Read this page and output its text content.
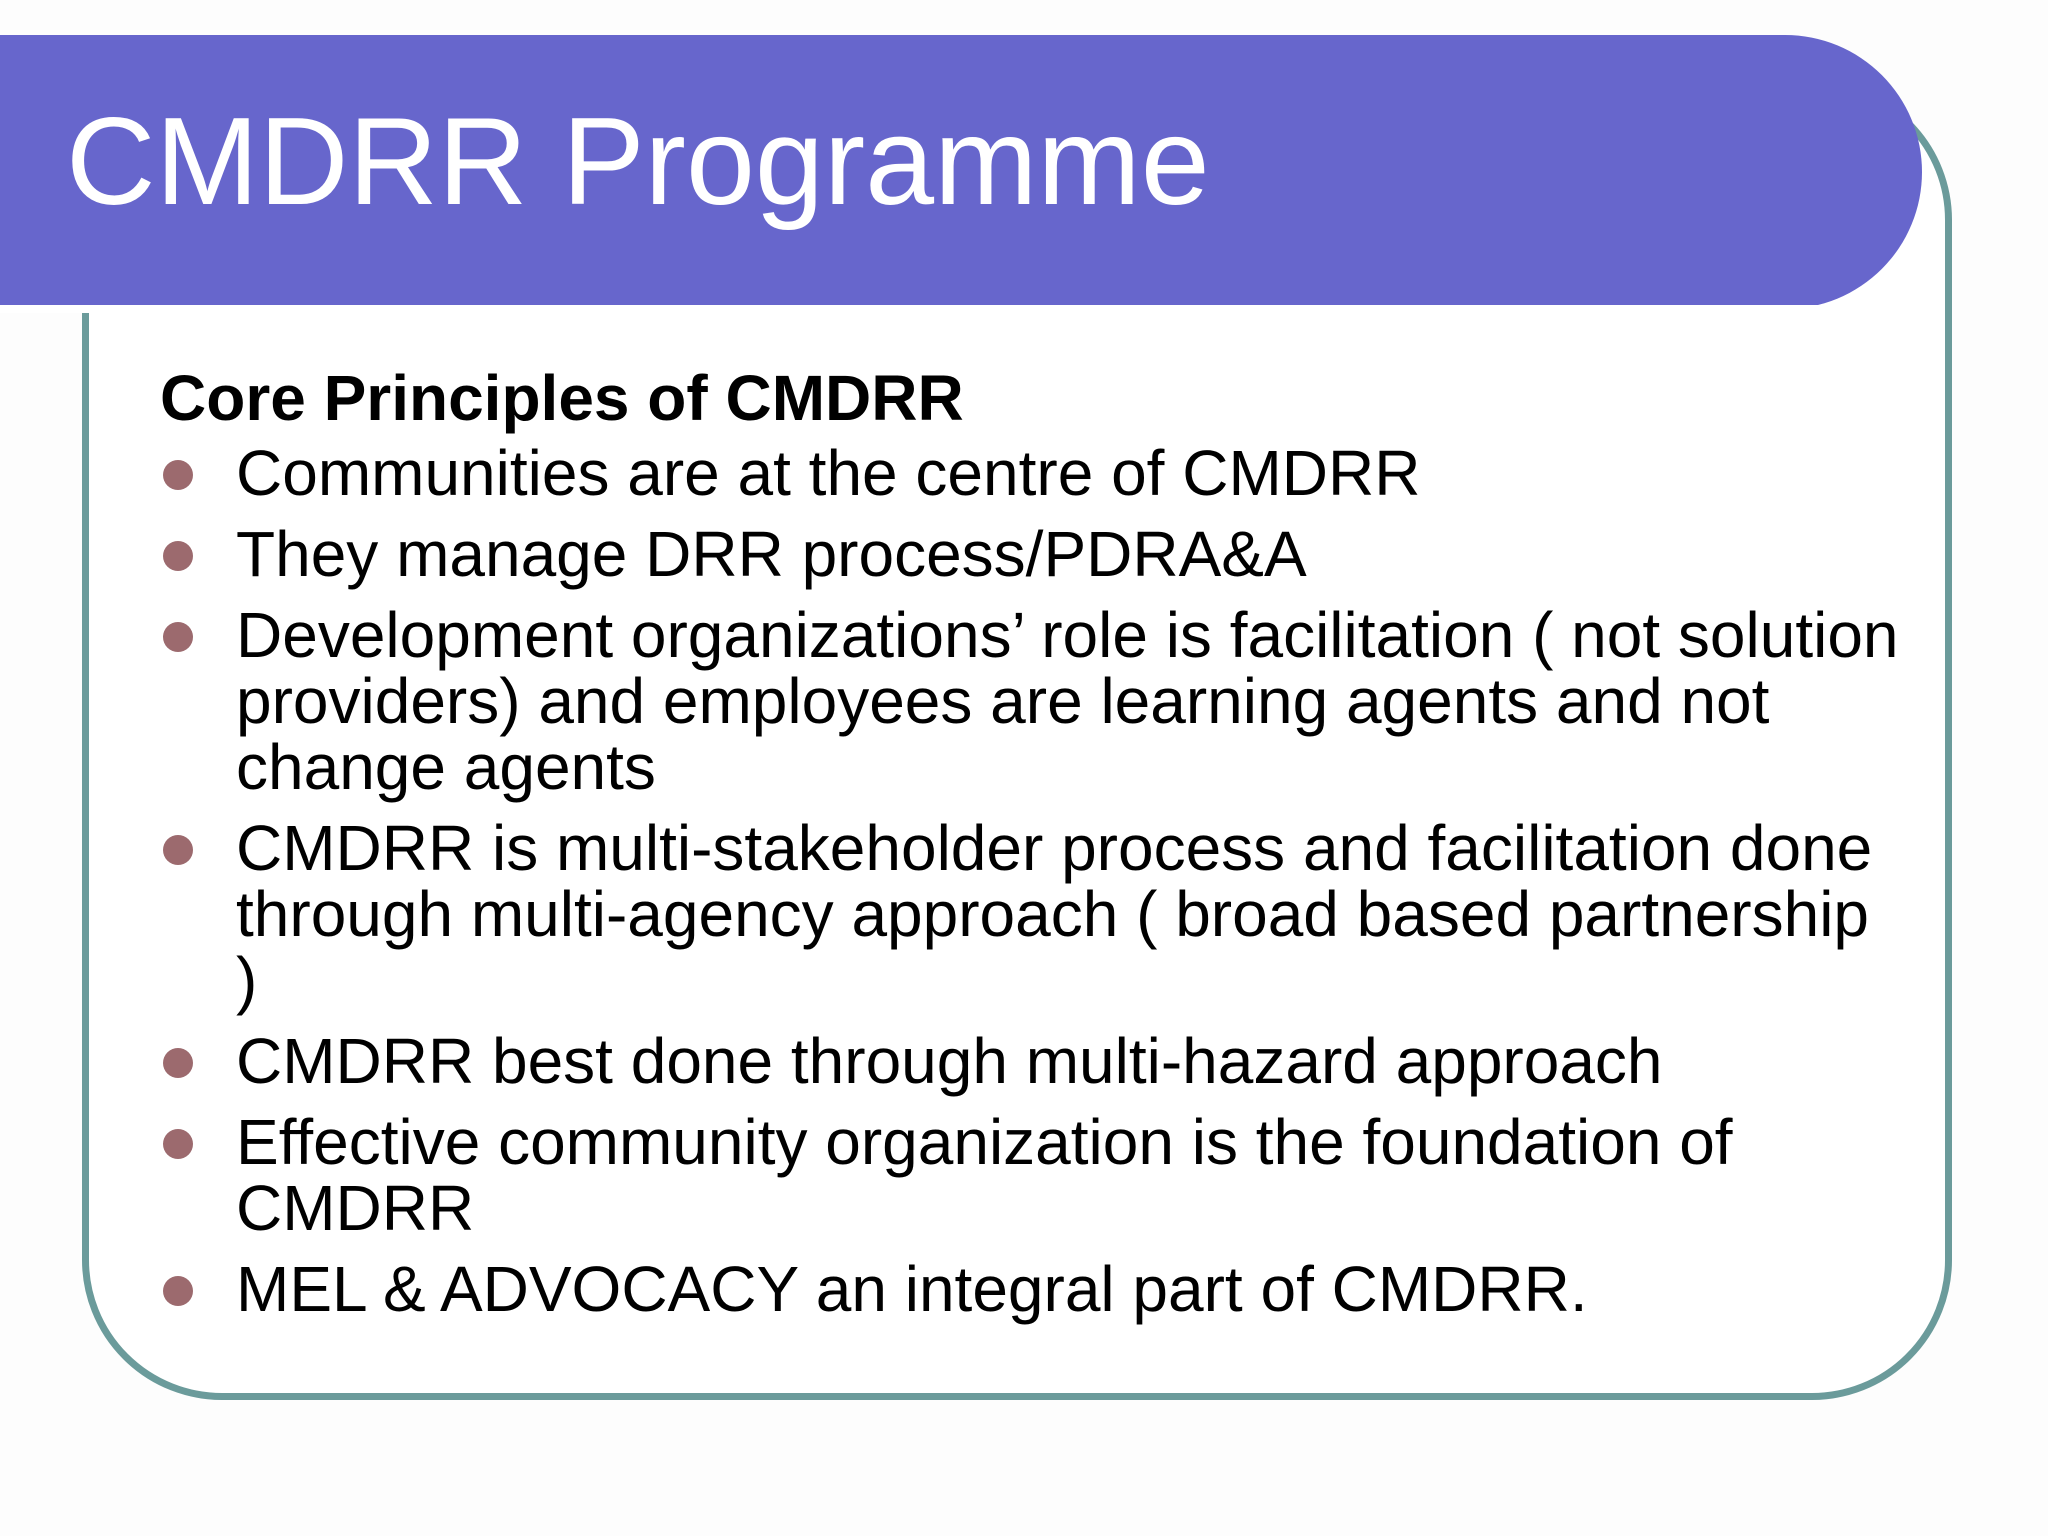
CMDRR Programme
Core Principles of CMDRR
Communities are at the centre of CMDRR
They manage DRR process/PDRA&A
Development organizations’ role is facilitation ( not solution providers) and employees are learning agents and not change agents
CMDRR is multi-stakeholder process and facilitation done through multi-agency approach ( broad based partnership )
CMDRR best done through multi-hazard approach
Effective community organization is the foundation of CMDRR
MEL & ADVOCACY an integral part of CMDRR.
